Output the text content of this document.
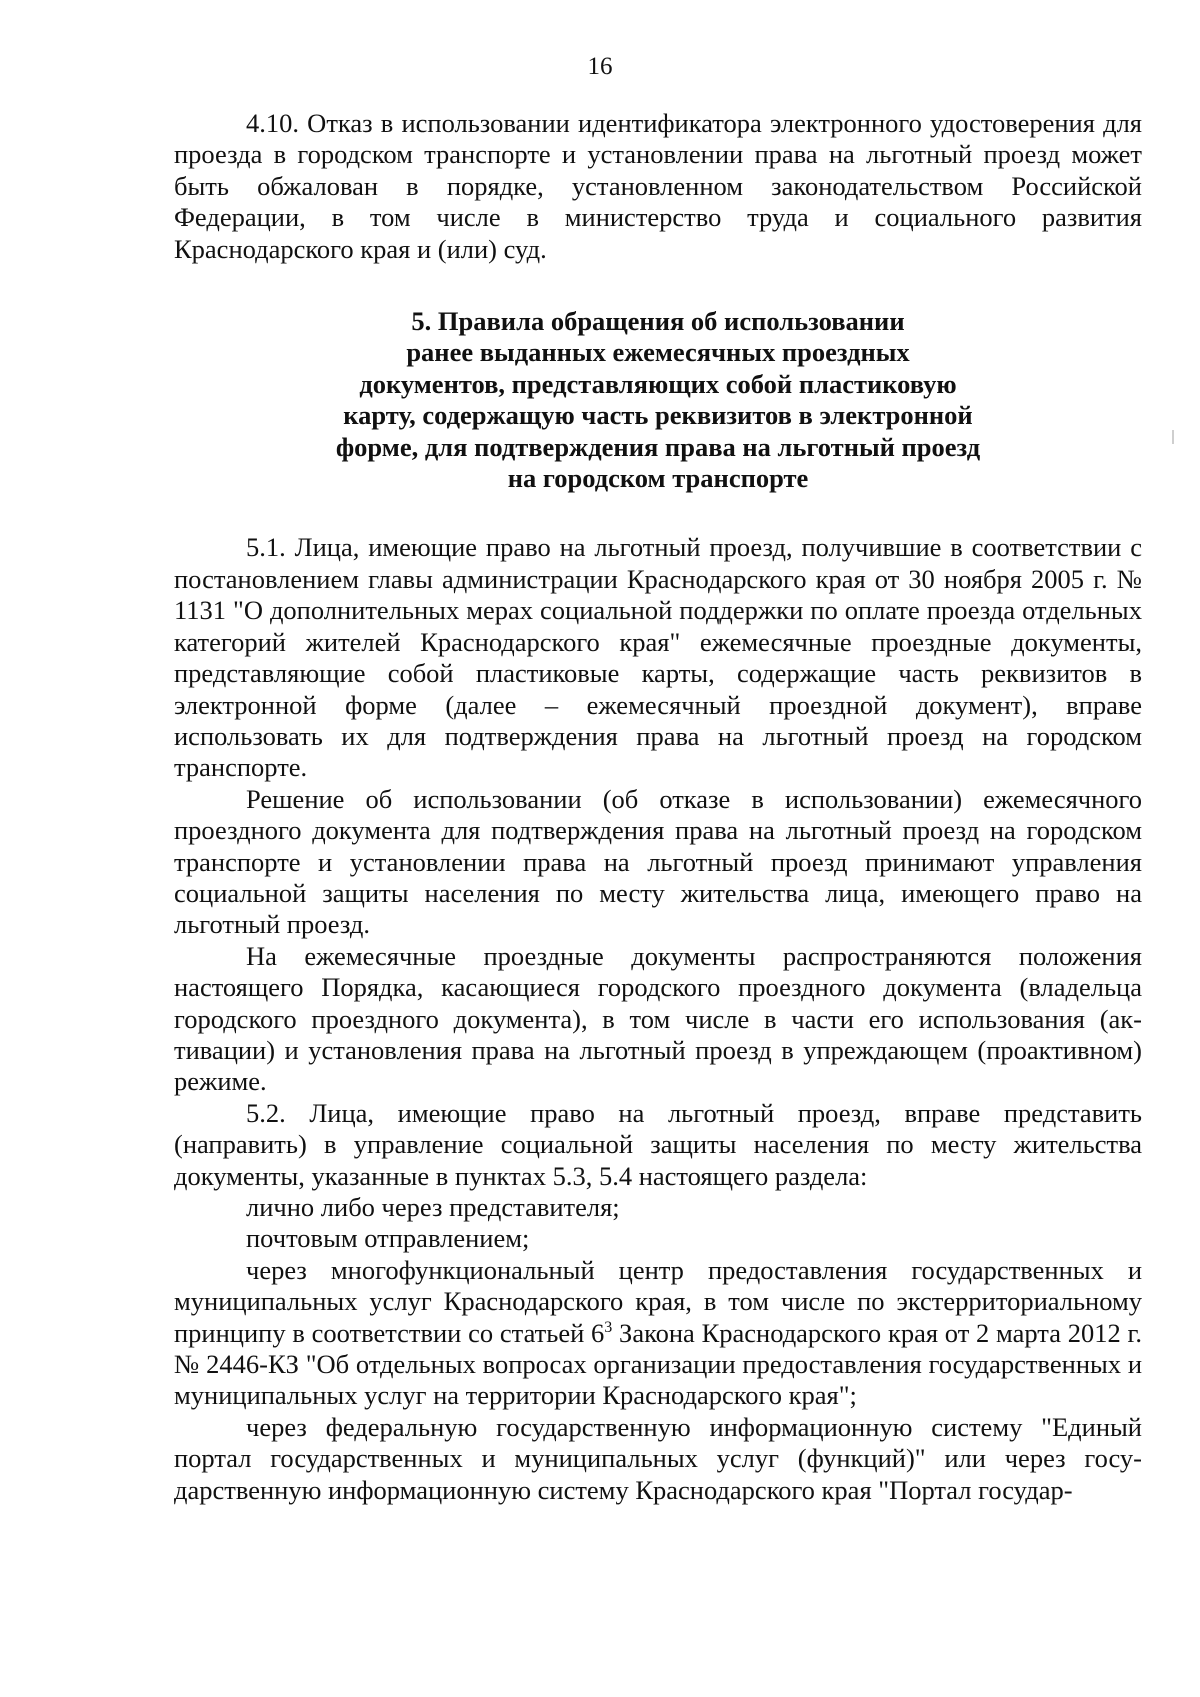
16

4.10. Отказ в использовании идентификатора электронного удостоверения для проезда в городском транспорте и установлении права на льготный проезд может быть обжалован в порядке, установленном законодательством Российской Федерации, в том числе в министерство труда и социального развития Краснодарского края и (или) суд.

5. Правила обращения об использовании
ранее выданных ежемесячных проездных
документов, представляющих собой пластиковую
карту, содержащую часть реквизитов в электронной
форме, для подтверждения права на льготный проезд
на городском транспорте

5.1. Лица, имеющие право на льготный проезд, получившие в соответствии с постановлением главы администрации Краснодарского края от 30 ноября 2005 г. № 1131 "О дополнительных мерах социальной поддержки по оплате проезда отдельных категорий жителей Краснодарского края" ежемесячные проездные документы, представляющие собой пластиковые карты, содержащие часть реквизитов в электронной форме (далее – ежемесячный проездной документ), вправе использовать их для подтверждения права на льготный проезд на городском транспорте.

Решение об использовании (об отказе в использовании) ежемесячного проездного документа для подтверждения права на льготный проезд на городском транспорте и установлении права на льготный проезд принимают управления социальной защиты населения по месту жительства лица, имеющего право на льготный проезд.

На ежемесячные проездные документы распространяются положения настоящего Порядка, касающиеся городского проездного документа (владельца городского проездного документа), в том числе в части его использования (активации) и установления права на льготный проезд в упреждающем (проактивном) режиме.

5.2. Лица, имеющие право на льготный проезд, вправе представить (направить) в управление социальной защиты населения по месту жительства документы, указанные в пунктах 5.3, 5.4 настоящего раздела:

лично либо через представителя;

почтовым отправлением;

через многофункциональный центр предоставления государственных и муниципальных услуг Краснодарского края, в том числе по экстерриториальному принципу в соответствии со статьей $6^3$ Закона Краснодарского края от 2 марта 2012 г. № 2446-КЗ "Об отдельных вопросах организации предоставления государственных и муниципальных услуг на территории Краснодарского края";

через федеральную государственную информационную систему "Единый портал государственных и муниципальных услуг (функций)" или через государственную информационную систему Краснодарского края "Портал государ-
